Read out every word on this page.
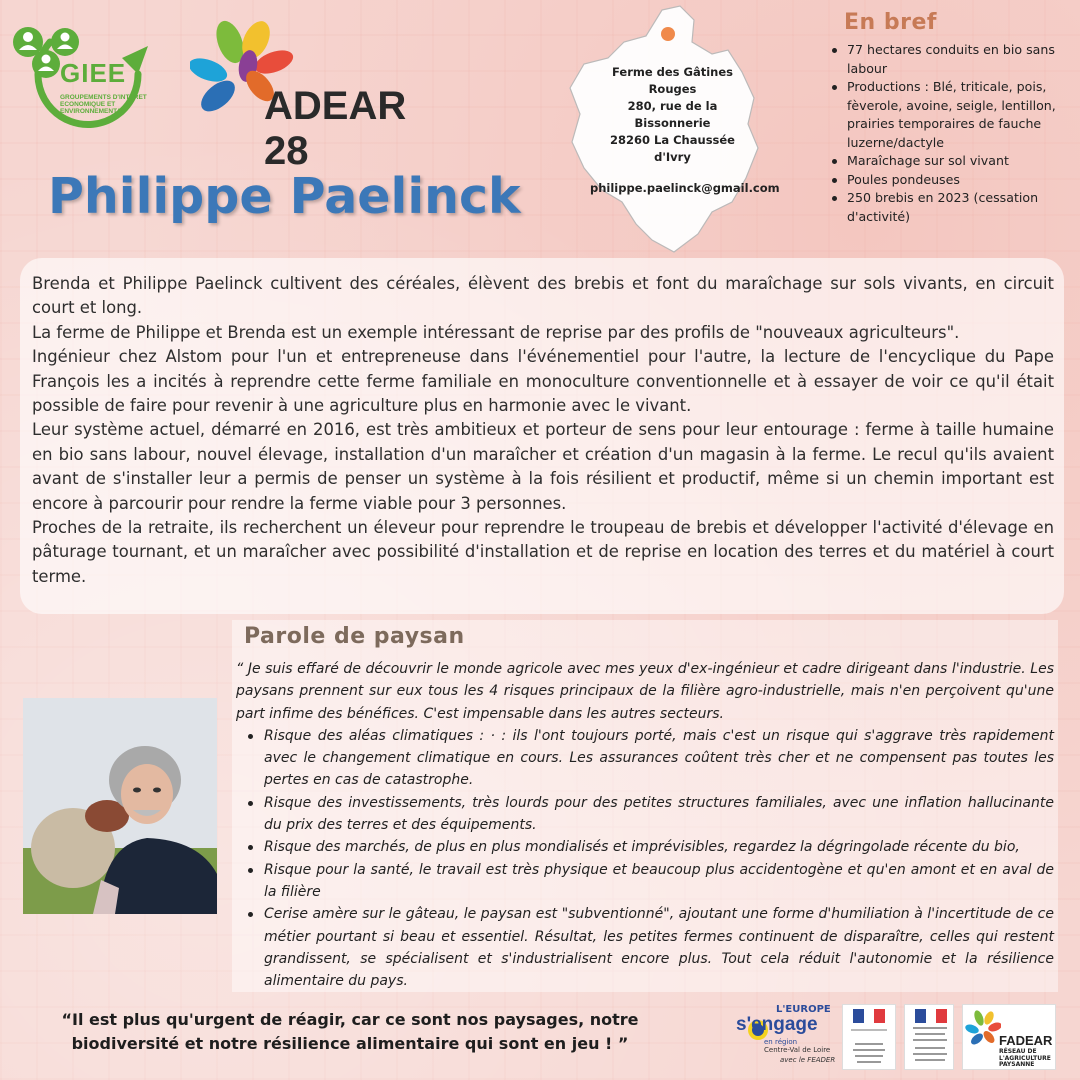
GIEE
GROUPEMENTS D'INTERET ECONOMIQUE ET ENVIRONNEMENTAL	ADEAR 28
Philippe Paelinck
Ferme des Gâtines Rouges
280, rue de la Bissonnerie
28260 La Chaussée d'Ivry
philippe.paelinck@gmail.com
En bref
77 hectares conduits en bio sans labour
Productions : Blé, triticale, pois, fèverole, avoine, seigle, lentillon, prairies temporaires de fauche luzerne/dactyle
Maraîchage sur sol vivant
Poules pondeuses
250 brebis en 2023 (cessation d'activité)

Brenda et Philippe Paelinck cultivent des céréales, élèvent des brebis et font du maraîchage sur sols vivants, en circuit court et long.

La ferme de Philippe et Brenda est un exemple intéressant de reprise par des profils de "nouveaux agriculteurs".

Ingénieur chez Alstom pour l'un et entrepreneuse dans l'événementiel pour l'autre, la lecture de l'encyclique du Pape François les a incités à reprendre cette ferme familiale en monoculture conventionnelle et à essayer de voir ce qu'il était possible de faire pour revenir à une agriculture plus en harmonie avec le vivant.

Leur système actuel, démarré en 2016, est très ambitieux et porteur de sens pour leur entourage : ferme à taille humaine en bio sans labour, nouvel élevage, installation d'un maraîcher et création d'un magasin à la ferme. Le recul qu'ils avaient avant de s'installer leur a permis de penser un système à la fois résilient et productif, même si un chemin important est encore à parcourir pour rendre la ferme viable pour 3 personnes.

Proches de la retraite, ils recherchent un éleveur pour reprendre le troupeau de brebis et développer l'activité d'élevage en pâturage tournant, et un maraîcher avec possibilité d'installation et de reprise en location des terres et du matériel à court terme.

Parole de paysan

“ Je suis effaré de découvrir le monde agricole avec mes yeux d'ex-ingénieur et cadre dirigeant dans l'industrie. Les paysans prennent sur eux tous les 4 risques principaux de la filière agro-industrielle, mais n'en perçoivent qu'une part infime des bénéfices. C'est impensable dans les autres secteurs.

Risque des aléas climatiques : · : ils l'ont toujours porté, mais c'est un risque qui s'aggrave très rapidement avec le changement climatique en cours. Les assurances coûtent très cher et ne compensent pas toutes les pertes en cas de catastrophe.
Risque des investissements, très lourds pour des petites structures familiales, avec une inflation hallucinante du prix des terres et des équipements.
Risque des marchés, de plus en plus mondialisés et imprévisibles, regardez la dégringolade récente du bio,
Risque pour la santé, le travail est très physique et beaucoup plus accidentogène et qu'en amont et en aval de la filière
Cerise amère sur le gâteau, le paysan est "subventionné", ajoutant une forme d'humiliation à l'incertitude de ce métier pourtant si beau et essentiel. Résultat, les petites fermes continuent de disparaître, celles qui restent grandissent, se spécialisent et s'industrialisent encore plus. Tout cela réduit l'autonomie et la résilience alimentaire du pays.
“Il est plus qu'urgent de réagir, car ce sont nos paysages, notre biodiversité et notre résilience alimentaire qui sont en jeu ! ”
L'EUROPE
s'engage
en région
Centre-Val de Loire
avec le FEADER
FADEAR
RÉSEAU DE L'AGRICULTURE PAYSANNE
